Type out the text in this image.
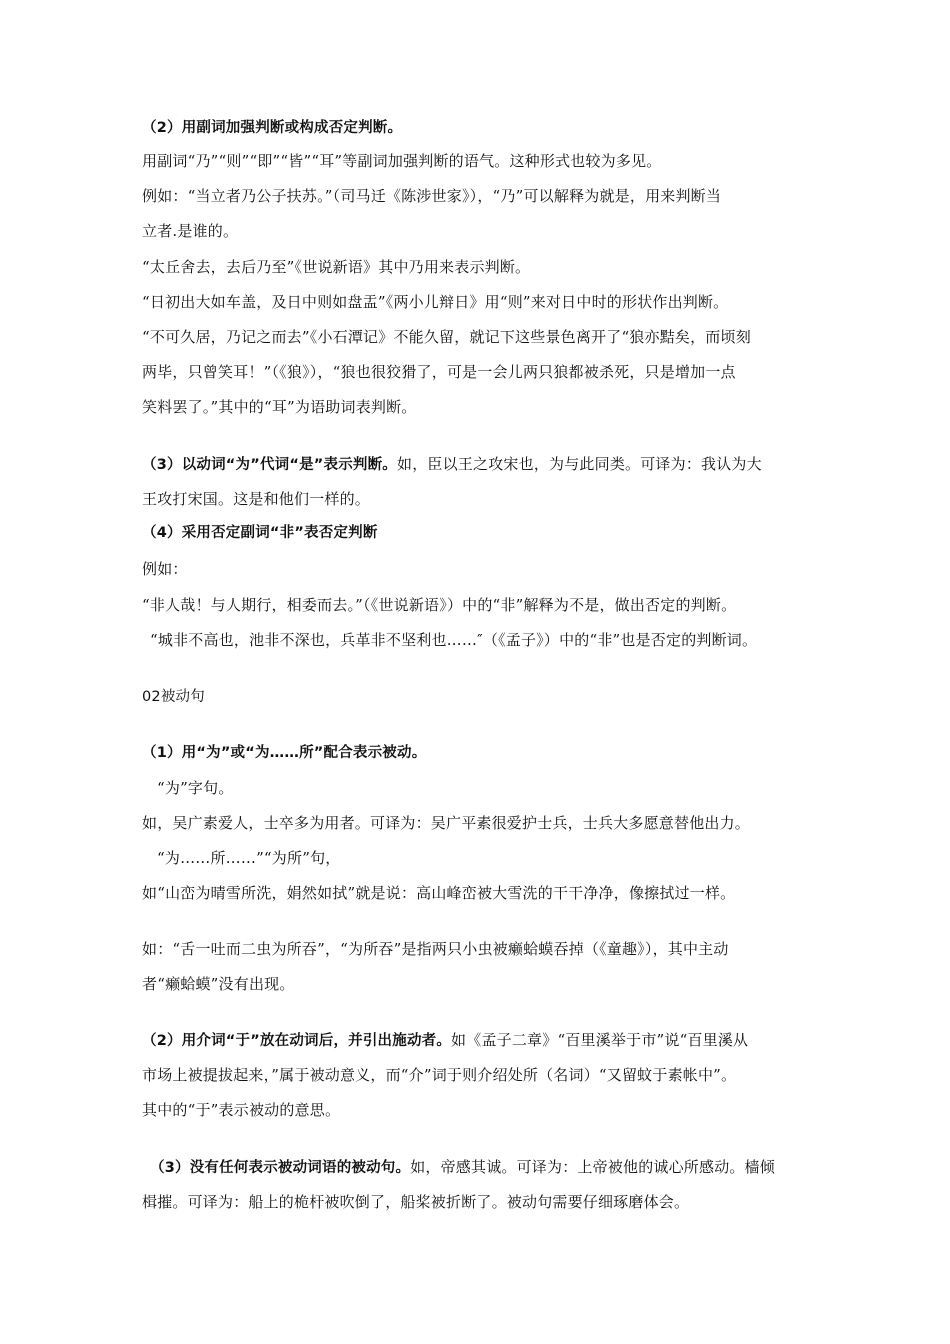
（2）用副词加强判断或构成否定判断。

用副词“乃”“则”“即”“皆”“耳”等副词加强判断的语气。这种形式也较为多见。

例如：“当立者乃公子扶苏。”（司马迁《陈涉世家》），“乃”可以解释为就是，用来判断当

立者.是谁的。

“太丘舍去，去后乃至”《世说新语》其中乃用来表示判断。

“日初出大如车盖，及日中则如盘盂”《两小儿辩日》用“则”来对日中时的形状作出判断。

“不可久居，乃记之而去”《小石潭记》不能久留，就记下这些景色离开了“狼亦黠矣，而顷刻

两毕，只曾笑耳！”（《狼》），“狼也很狡猾了，可是一会儿两只狼都被杀死，只是增加一点

笑料罢了。”其中的“耳”为语助词表判断。

（3）以动词“为”代词“是”表示判断。如，臣以王之攻宋也，为与此同类。可译为：我认为大

王攻打宋国。这是和他们一样的。

（4）采用否定副词“非”表否定判断

例如：

“非人哉！与人期行，相委而去。”（《世说新语》）中的“非”解释为不是，做出否定的判断。

“城非不高也，池非不深也，兵革非不坚利也……″（《孟子》）中的“非”也是否定的判断词。

02被动句

（1）用“为”或“为……所”配合表示被动。

“为”字句。

如，吴广素爱人，士卒多为用者。可译为：吴广平素很爱护士兵，士兵大多愿意替他出力。

“为……所……”“为所”句，

如“山峦为晴雪所洗，娟然如拭”就是说：高山峰峦被大雪洗的干干净净，像擦拭过一样。

如：“舌一吐而二虫为所吞”，“为所吞”是指两只小虫被癞蛤蟆吞掉（《童趣》），其中主动

者“癞蛤蟆”没有出现。

（2）用介词“于”放在动词后，并引出施动者。如《孟子二章》“百里溪举于市”说“百里溪从

市场上被提拔起来，”属于被动意义，而“介”词于则介绍处所（名词）“又留蚊于素帐中”。

其中的“于”表示被动的意思。

（3）没有任何表示被动词语的被动句。如，帝感其诚。可译为：上帝被他的诚心所感动。樯倾

楫摧。可译为：船上的桅杆被吹倒了，船桨被折断了。被动句需要仔细琢磨体会。
